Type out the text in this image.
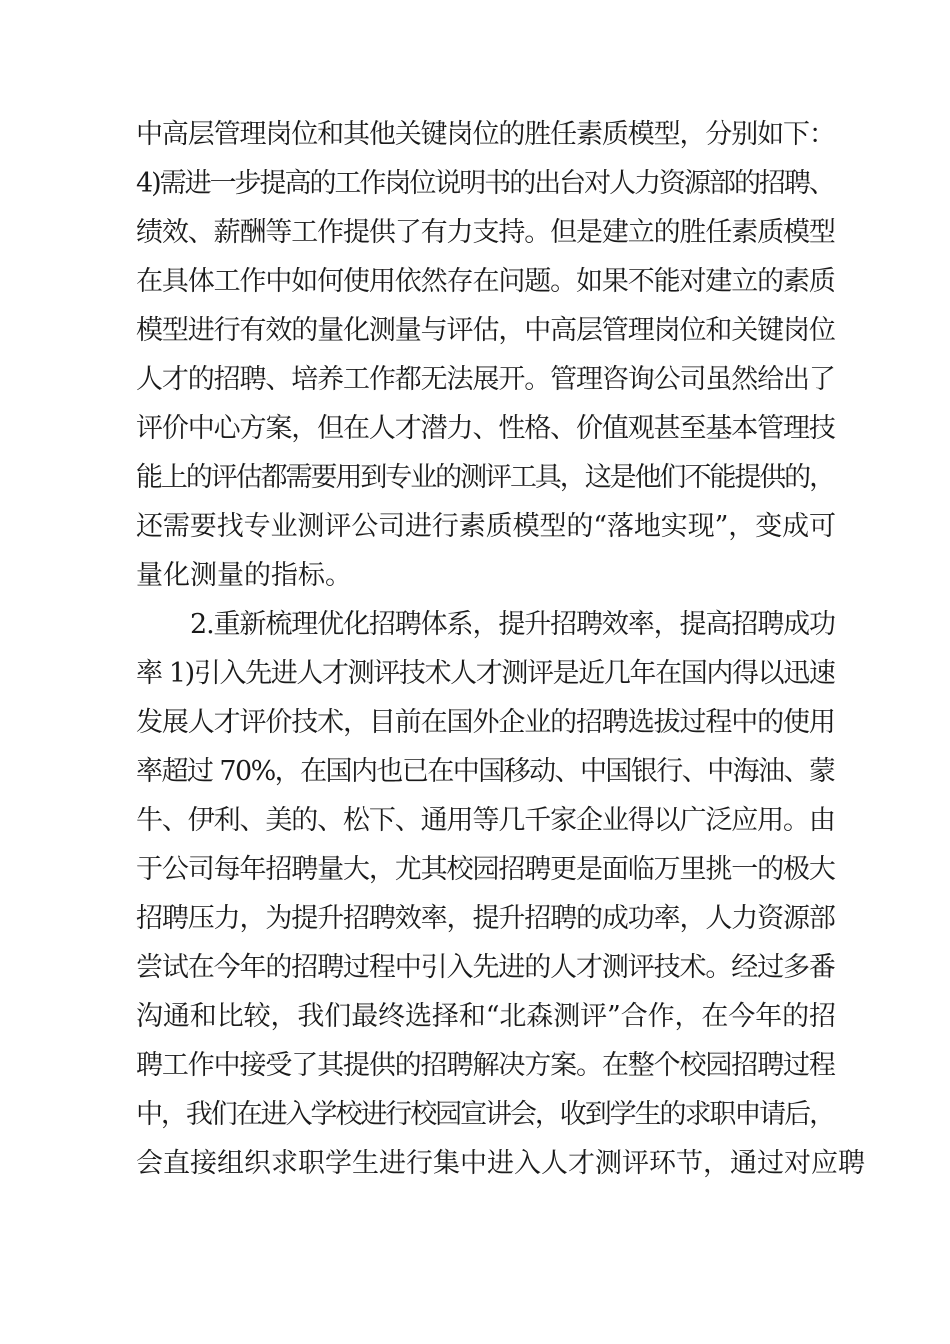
中高层管理岗位和其他关键岗位的胜任素质模型，分别如下：
4)需进一步提高的工作岗位说明书的出台对人力资源部的招聘、
绩效、薪酬等工作提供了有力支持。但是建立的胜任素质模型
在具体工作中如何使用依然存在问题。如果不能对建立的素质
模型进行有效的量化测量与评估，中高层管理岗位和关键岗位
人才的招聘、培养工作都无法展开。管理咨询公司虽然给出了
评价中心方案，但在人才潜力、性格、价值观甚至基本管理技
能上的评估都需要用到专业的测评工具，这是他们不能提供的，
还需要找专业测评公司进行素质模型的“落地实现”，变成可
量化测量的指标。
2.重新梳理优化招聘体系，提升招聘效率，提高招聘成功
率 1)引入先进人才测评技术人才测评是近几年在国内得以迅速
发展人才评价技术，目前在国外企业的招聘选拔过程中的使用
率超过 70%，在国内也已在中国移动、中国银行、中海油、蒙
牛、伊利、美的、松下、通用等几千家企业得以广泛应用。由
于公司每年招聘量大，尤其校园招聘更是面临万里挑一的极大
招聘压力，为提升招聘效率，提升招聘的成功率，人力资源部
尝试在今年的招聘过程中引入先进的人才测评技术。经过多番
沟通和比较，我们最终选择和“北森测评”合作，在今年的招
聘工作中接受了其提供的招聘解决方案。在整个校园招聘过程
中，我们在进入学校进行校园宣讲会，收到学生的求职申请后，
会直接组织求职学生进行集中进入人才测评环节，通过对应聘
